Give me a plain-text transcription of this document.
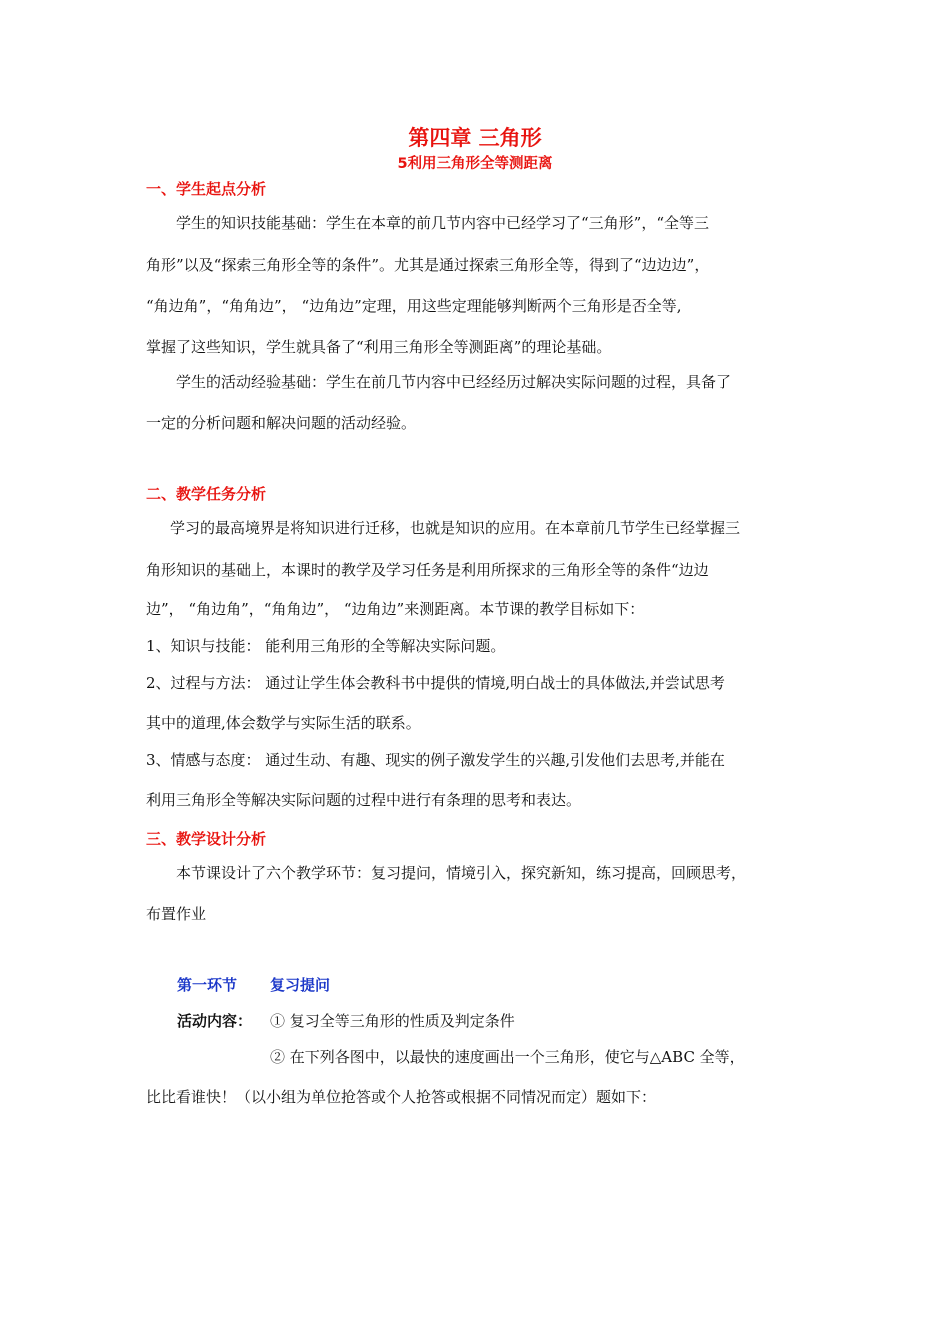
第四章 三角形
5利用三角形全等测距离
一、学生起点分析
学生的知识技能基础：学生在本章的前几节内容中已经学习了“三角形”，“全等三
角形”以及“探索三角形全等的条件”。尤其是通过探索三角形全等，得到了“边边边”，
“角边角”，“角角边”， “边角边”定理，用这些定理能够判断两个三角形是否全等,
掌握了这些知识，学生就具备了“利用三角形全等测距离”的理论基础。
学生的活动经验基础：学生在前几节内容中已经经历过解决实际问题的过程，具备了
一定的分析问题和解决问题的活动经验。
二、教学任务分析
学习的最高境界是将知识进行迁移，也就是知识的应用。在本章前几节学生已经掌握三
角形知识的基础上，本课时的教学及学习任务是利用所探求的三角形全等的条件“边边
边”， “角边角”，“角角边”， “边角边”来测距离。本节课的教学目标如下：
1、知识与技能： 能利用三角形的全等解决实际问题。
2、过程与方法： 通过让学生体会教科书中提供的情境,明白战士的具体做法,并尝试思考
其中的道理,体会数学与实际生活的联系。
3、情感与态度： 通过生动、有趣、现实的例子激发学生的兴趣,引发他们去思考,并能在
利用三角形全等解决实际问题的过程中进行有条理的思考和表达。
三、教学设计分析
本节课设计了六个教学环节：复习提问，情境引入，探究新知，练习提高，回顾思考，
布置作业
第一环节 复习提问
活动内容： ① 复习全等三角形的性质及判定条件
② 在下列各图中，以最快的速度画出一个三角形，使它与△ABC 全等，
比比看谁快！（以小组为单位抢答或个人抢答或根据不同情况而定）题如下：
